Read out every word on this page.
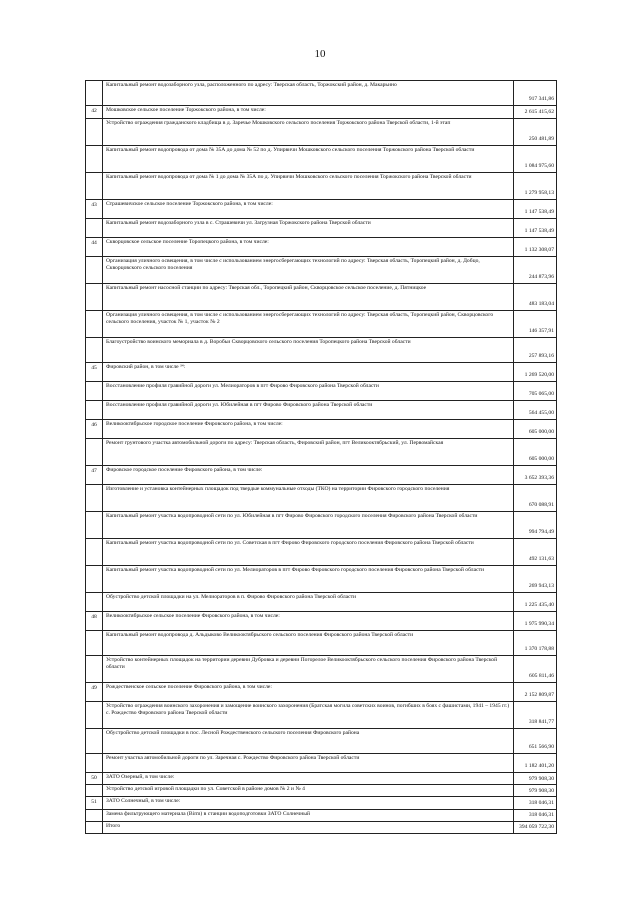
10
	Капитальный ремонт водозаборного узла, расположенного по адресу: Тверская область, Торжокский район, д. Макарьино	917 341,86
42	Мошковское сельское поселение Торжокского района, в том числе:	2 615 415,62
	Устройство ограждения гражданского кладбища в д. Заречье Мошковского сельского поселения Торжокского района Тверской области, 1-й этап	250 481,89
	Капитальный ремонт водопровода от дома № 35А до дома № 52 по д. Упирвичи Мошковского сельского поселения Торжокского района Тверской области	1 084 975,60
	Капитальный ремонт водопровода от дома № 1 до дома № 35А по д. Упирвичи Мошковского сельского поселения Торжокского района Тверской области	1 279 958,13
43	Страшевичское сельское поселение Торжокского района, в том числе:	1 147 538,49
	Капитальный ремонт водозаборного узла в с. Страшевичи ул. Загрузная Торжокского района Тверской области	1 147 538,49
44	Скворцовское сельское поселение Торопецкого района, в том числе:	1 132 308,07
	Организация уличного освещения, в том числе с использованием энергосберегающих технологий по адресу: Тверская область, Торопецкий район, д. Добцо, Скворцовского сельского поселения	244 873,96
	Капитальный ремонт насосной станции по адресу: Тверская обл., Торопецкий район, Скворцовское сельское поселение, д. Пятницкое	483 183,04
	Организация уличного освещения, в том числе с использованием энергосберегающих технологий по адресу: Тверская область, Торопецкий район, Скворцовского сельского поселения, участок № 1, участок № 2	146 357,91
	Благоустройство воинского мемориала в д. Воробьи Скворцовского сельского поселения Торопецкого района Тверской области	257 893,16
45	Фировский район, в том числе ³⁴:	1 269 520,00
	Восстановление профиля гравийной дороги ул. Мелиораторов в пгт Фирово Фировского района Тверской области	705 065,00
	Восстановление профиля гравийной дороги ул. Юбилейная в пгт Фирово Фировского района Тверской области	564 455,00
46	Великооктябрьское городское поселение Фировского района, в том числе:	605 000,00
	Ремонт грунтового участка автомобильной дороги по адресу: Тверская область, Фировский район, пгт Великооктябрьский, ул. Первомайская	605 000,00
47	Фировское городское поселение Фировского района, в том числе:	3 652 393,36
	Изготовление и установка контейнерных площадок под твердые коммунальные отходы (ТКО) на территории Фировского городского поселения	670 088,91
	Капитальный ремонт участка водопроводной сети по ул. Юбилейная в пгт Фирово Фировского городского поселения Фировского района Тверской области	994 794,49
	Капитальный ремонт участка водопроводной сети по ул. Советская в пгт Фирово Фировского городского поселения Фировского района Тверской области	492 131,63
	Капитальный ремонт участка водопроводной сети по ул. Мелиораторов в пгт Фирово Фировского городского поселения Фировского района Тверской области	269 943,13
	Обустройство детской площадки на ул. Мелиораторов в п. Фирово Фировского района Тверской области	1 225 435,40
48	Великооктябрьское сельское поселение Фировского района, в том числе:	1 975 990,34
	Капитальный ремонт водопровода д. Альдыково Великооктябрьского сельского поселения Фировского района Тверской области	1 370 178,88
	Устройство контейнерных площадок на территории деревни Дубровка и деревни Погорелое Великооктябрьского сельского поселения Фировского района Тверской области	605 811,46
49	Рождественское сельское поселение Фировского района, в том числе:	2 152 809,87
	Устройство ограждения воинского захоронения и замощение воинского захоронения (Братская могила советских воинов, погибших в боях с фашистами, 1941 – 1945 гг.) с. Рождество Фировского района Тверской области	318 841,77
	Обустройство детской площадки в пос. Лесной Рождественского сельского поселения Фировского района	651 566,90
	Ремонт участка автомобильной дороги по ул. Заречная с. Рождество Фировского района Тверской области	1 182 401,20
50	ЗАТО Озерный, в том числе:	979 908,30
	Устройство детской игровой площадки по ул. Советской в районе домов № 2 и № 4	979 908,30
51	ЗАТО Солнечный, в том числе:	318 046,31
	Замена фильтрующего материала (Birm) в станции водоподготовки ЗАТО Солнечный	318 046,31
	Итого	394 059 722,30
